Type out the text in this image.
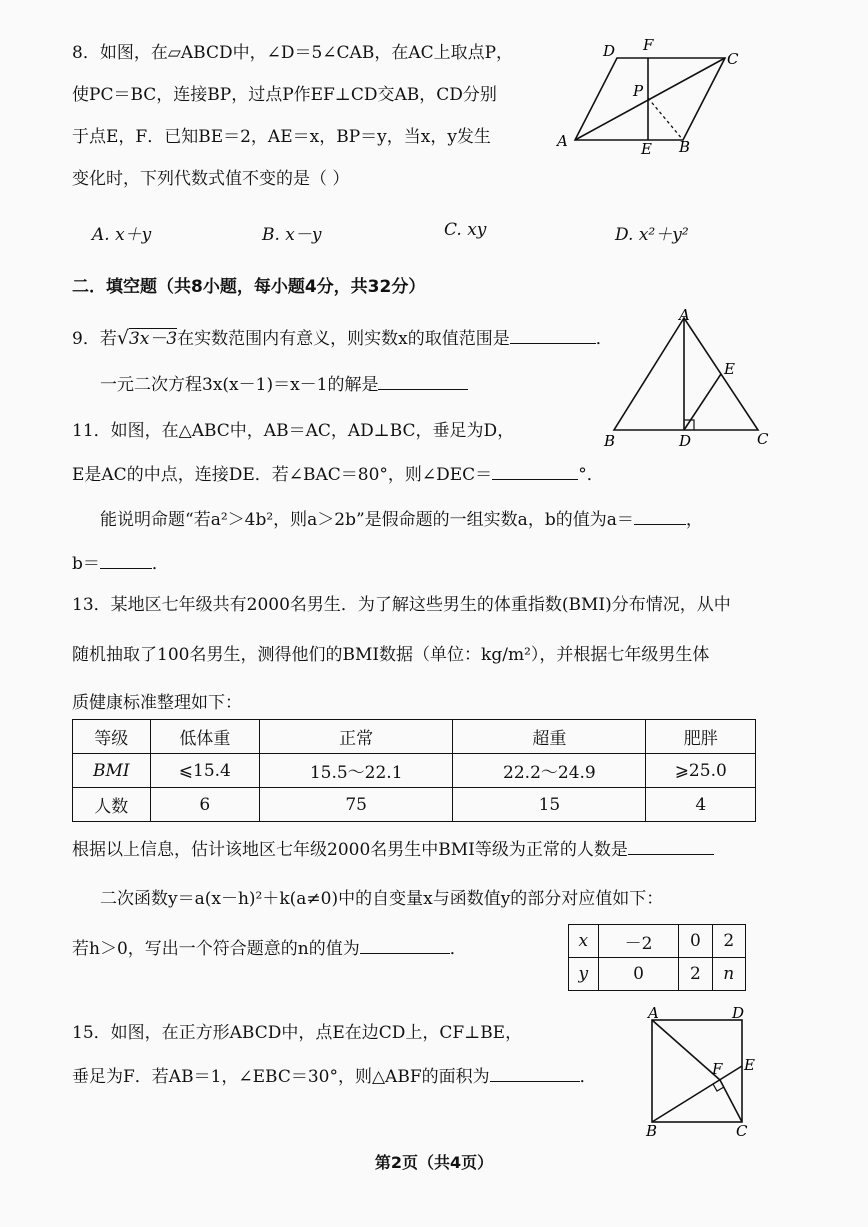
8．如图，在▱ABCD中，∠D＝5∠CAB，在AC上取点P，
使PC＝BC，连接BP，过点P作EF⊥CD交AB，CD分别
于点E，F．已知BE＝2，AE＝x，BP＝y，当x，y发生
变化时，下列代数式值不变的是（ ）
D F
C
P
A	E B
A. x＋y	B. x－y	C. xy	D. x²＋y²
二．填空题（共8小题，每小题4分，共32分）
9．若√3x－3在实数范围内有意义，则实数x的取值范围是	．
A
E
B	D	C
一元二次方程3x(x－1)＝x－1的解是
11．如图，在△ABC中，AB＝AC，AD⊥BC，垂足为D，
E是AC的中点，连接DE．若∠BAC＝80°，则∠DEC＝	°．
能说明命题“若a²＞4b²，则a＞2b”是假命题的一组实数a，b的值为a＝	，
b＝	．
13．某地区七年级共有2000名男生．为了解这些男生的体重指数(BMI)分布情况，从中
随机抽取了100名男生，测得他们的BMI数据（单位：kg/m²），并根据七年级男生体
质健康标准整理如下：
等级	低体重	正常	超重	肥胖
BMI	⩽15.4	15.5～22.1	22.2～24.9	⩾25.0
人数	6	75	15	4
根据以上信息，估计该地区七年级2000名男生中BMI等级为正常的人数是
二次函数y＝a(x－h)²＋k(a≠0)中的自变量x与函数值y的部分对应值如下：
若h＞0，写出一个符合题意的n的值为	．	x	－2	0	2
y	0	2	n
15．如图，在正方形ABCD中，点E在边CD上，CF⊥BE，
垂足为F．若AB＝1，∠EBC＝30°，则△ABF的面积为	．
A	D
F E
B	C
第2页（共4页）
